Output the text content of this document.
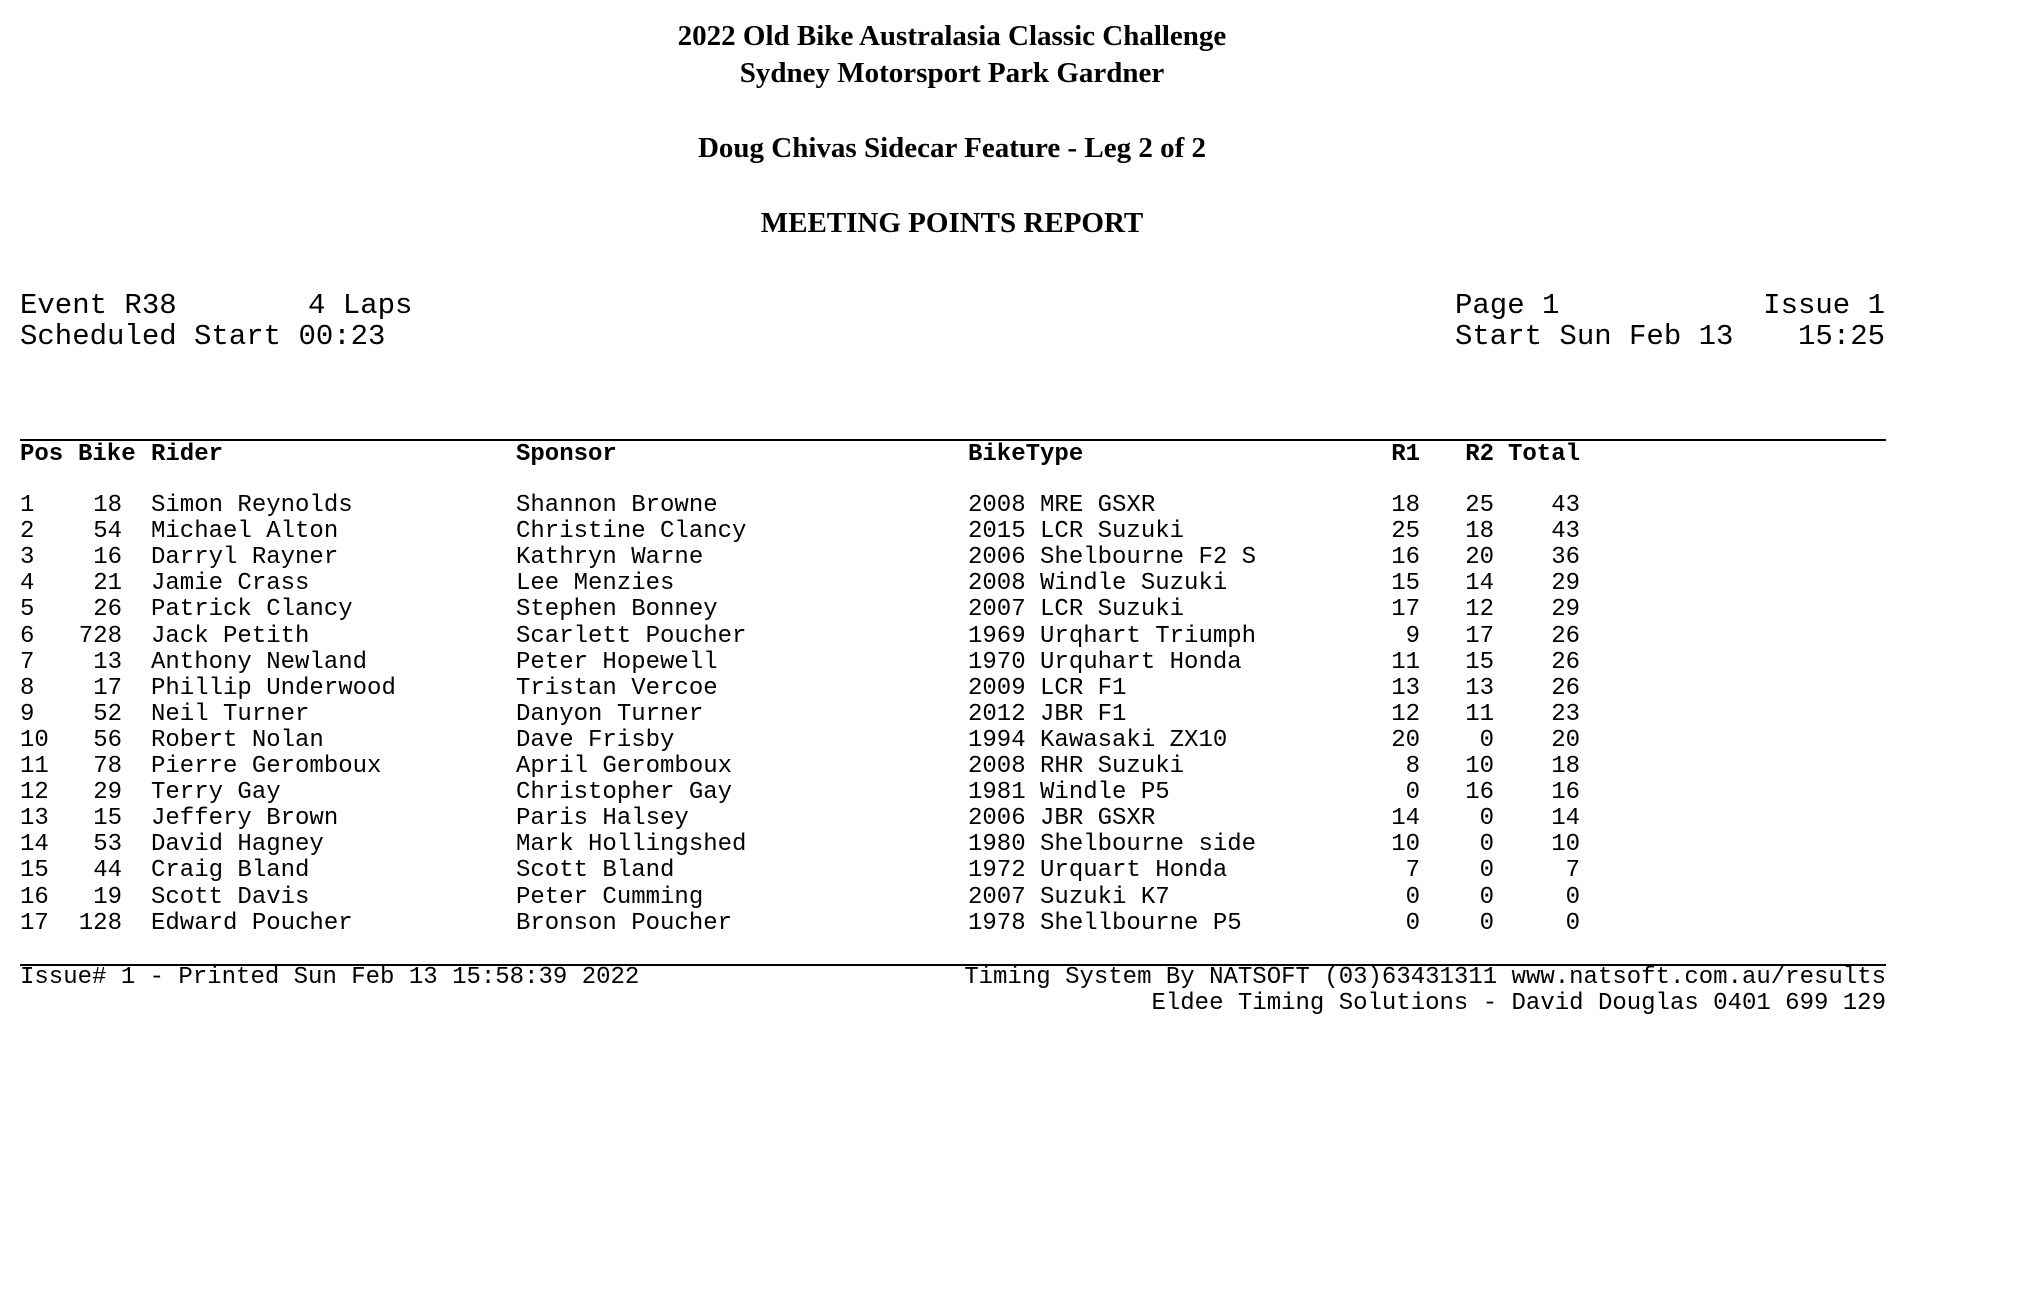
2022 Old Bike Australasia Classic Challenge
Sydney Motorsport Park Gardner
Doug Chivas Sidecar Feature - Leg 2 of 2
MEETING POINTS REPORT
Event R38	4 Laps
Scheduled Start 00:23
Page 1	Issue 1
Start Sun Feb 13	15:25
Pos Bike Rider	Sponsor	BikeType	R1	R2 Total
1	18 Simon Reynolds	Shannon Browne	2008 MRE GSXR	18	25	43
2	54 Michael Alton	Christine Clancy	2015 LCR Suzuki	25	18	43
3	16 Darryl Rayner	Kathryn Warne	2006 Shelbourne F2 S	16	20	36
4	21 Jamie Crass	Lee Menzies	2008 Windle Suzuki	15	14	29
5	26 Patrick Clancy	Stephen Bonney	2007 LCR Suzuki	17	12	29
6	728 Jack Petith	Scarlett Poucher	1969 Urqhart Triumph	9	17	26
7	13 Anthony Newland	Peter Hopewell	1970 Urquhart Honda	11	15	26
8	17 Phillip Underwood	Tristan Vercoe	2009 LCR F1	13	13	26
9	52 Neil Turner	Danyon Turner	2012 JBR F1	12	11	23
10	56 Robert Nolan	Dave Frisby	1994 Kawasaki ZX10	20	0	20
11	78 Pierre Geromboux	April Geromboux	2008 RHR Suzuki	8	10	18
12	29 Terry Gay	Christopher Gay	1981 Windle P5	0	16	16
13	15 Jeffery Brown	Paris Halsey	2006 JBR GSXR	14	0	14
14	53 David Hagney	Mark Hollingshed	1980 Shelbourne side	10	0	10
15	44 Craig Bland	Scott Bland	1972 Urquart Honda	7	0	7
16	19 Scott Davis	Peter Cumming	2007 Suzuki K7	0	0	0
17	128 Edward Poucher	Bronson Poucher	1978 Shellbourne P5	0	0	0
Issue# 1 - Printed Sun Feb 13 15:58:39 2022	Timing System By NATSOFT (03)63431311 www.natsoft.com.au/results
Eldee Timing Solutions - David Douglas 0401 699 129
